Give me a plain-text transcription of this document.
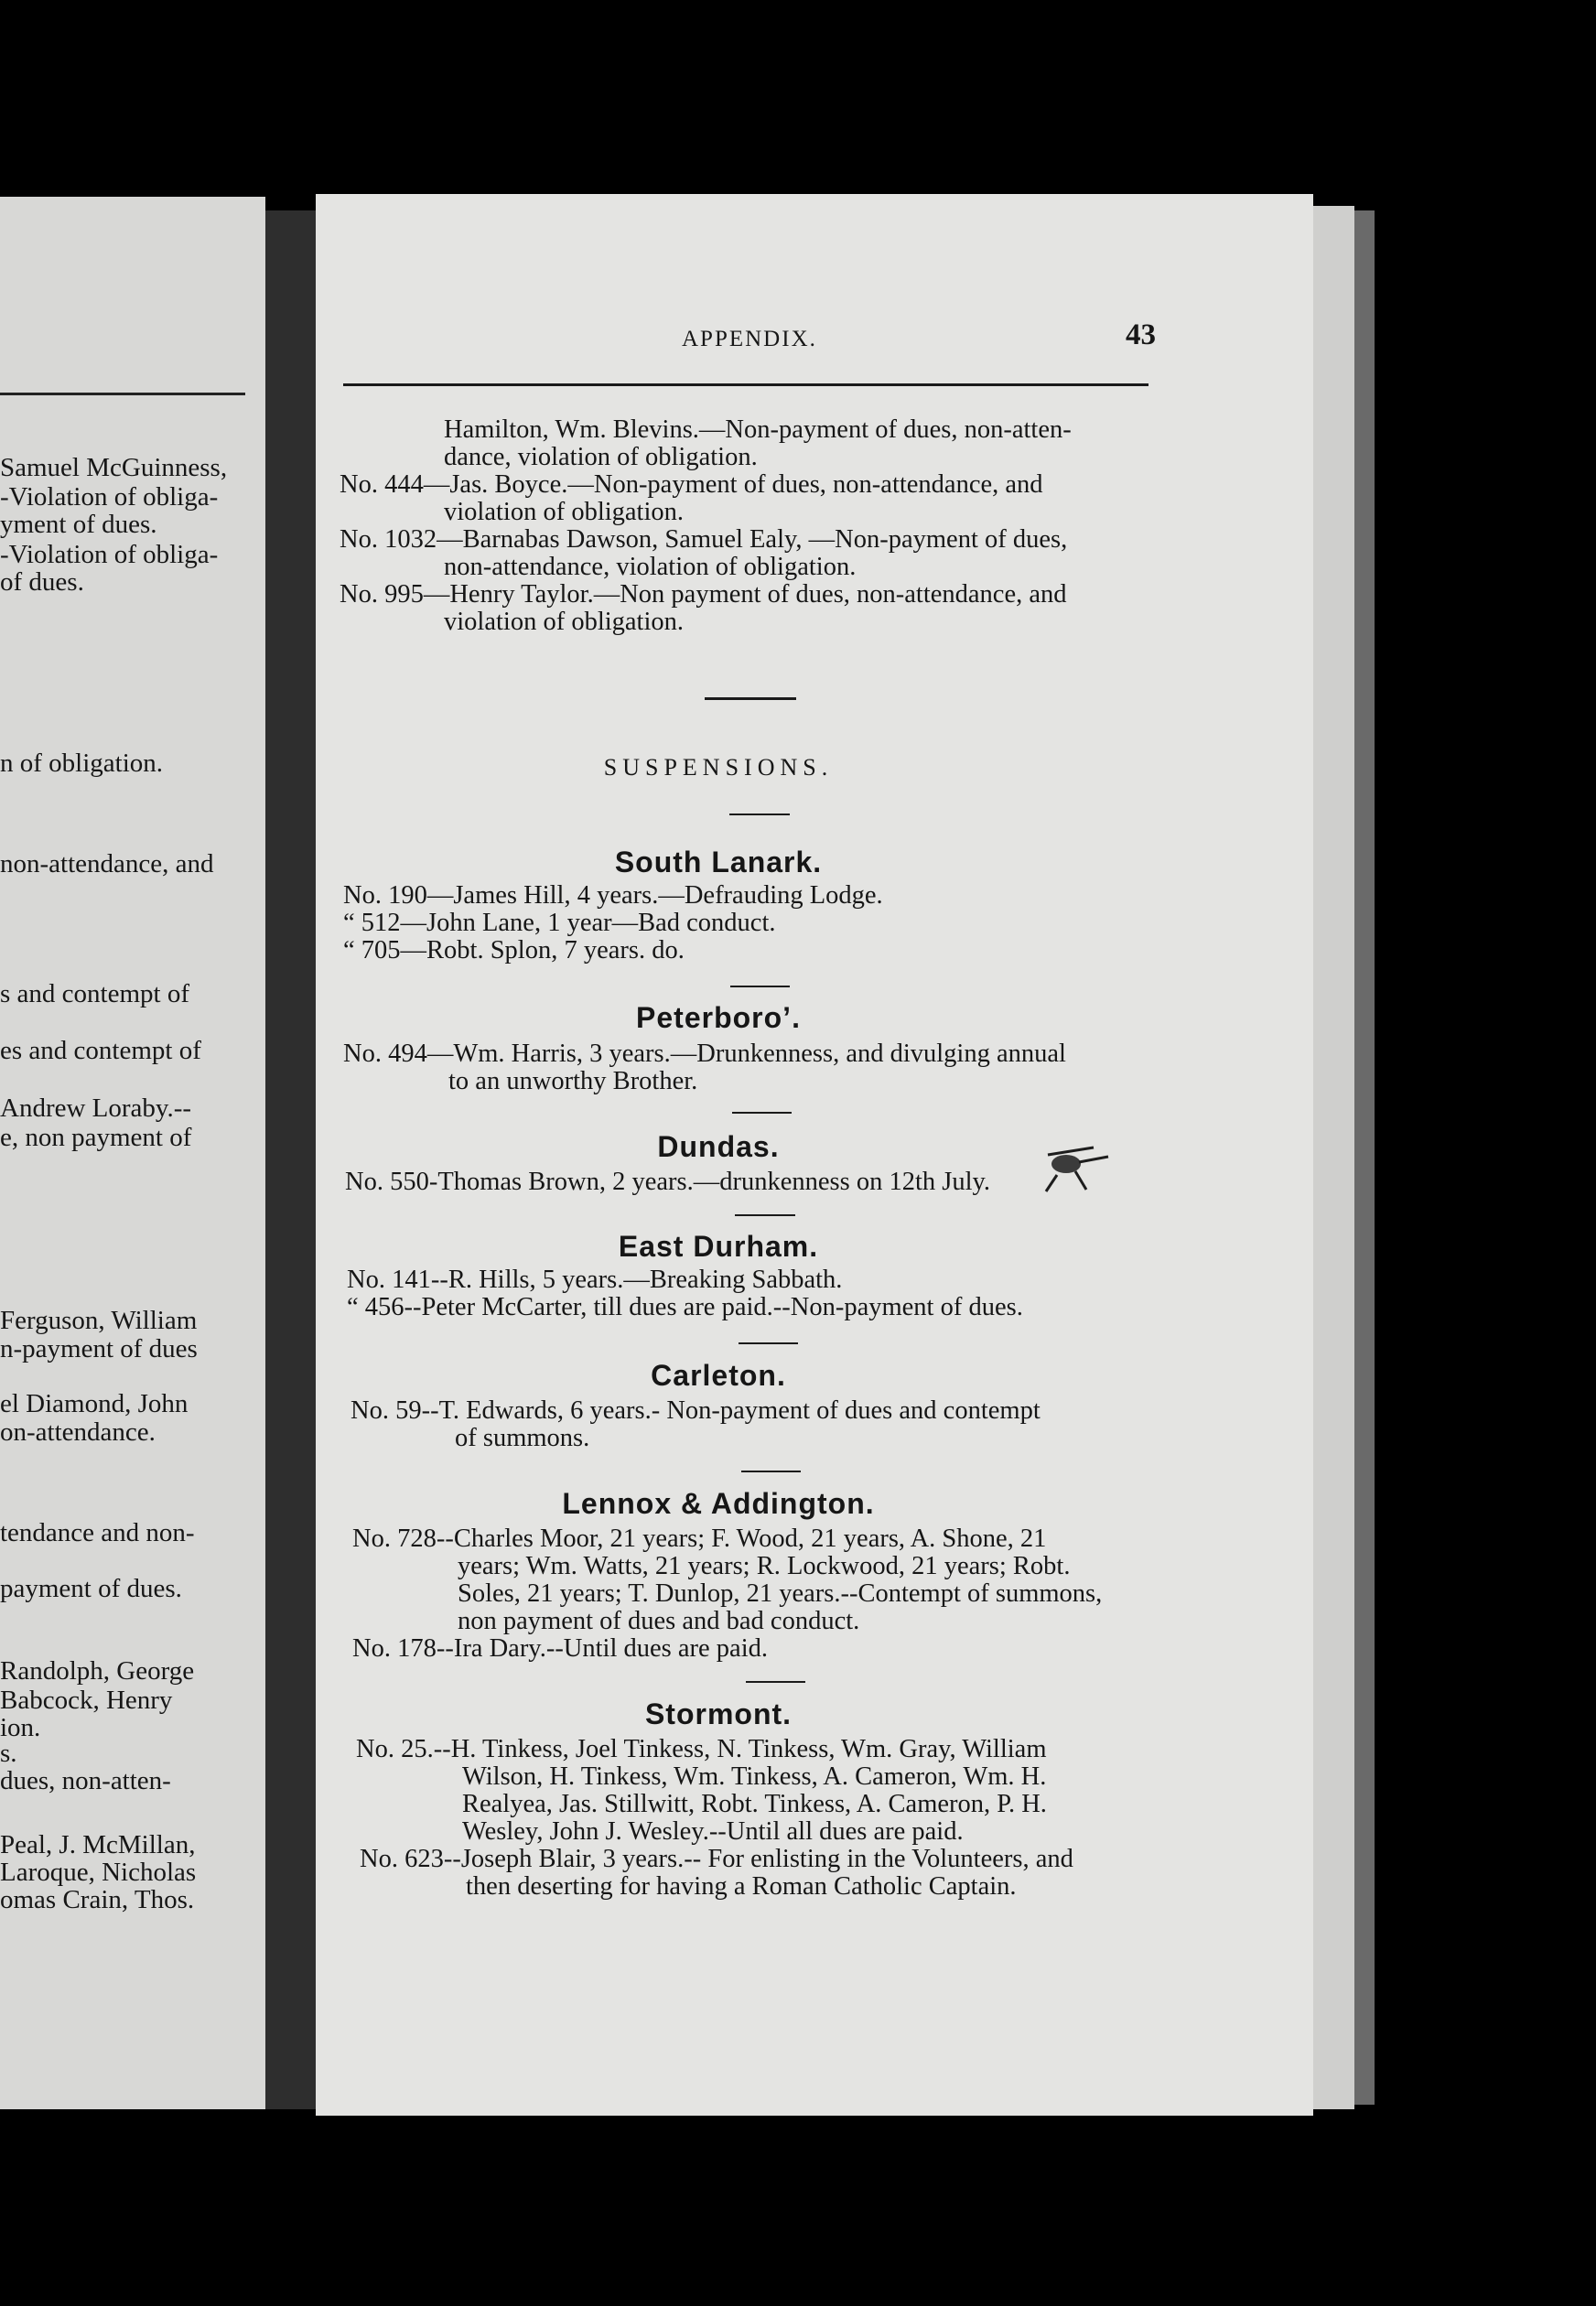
Samuel McGuinness,
-Violation of obliga-
yment of dues.
-Violation of obliga-
of dues.
n of obligation.
non-attendance, and
s and contempt of
es and contempt of
Andrew Loraby.--
e, non payment of
Ferguson, William
n-payment of dues
el Diamond, John
on-attendance.
tendance and non-
payment of dues.
Randolph, George
Babcock, Henry
ion.
s.
dues, non-atten-
Peal, J. McMillan,
Laroque, Nicholas
omas Crain, Thos.
APPENDIX.	43
Hamilton, Wm. Blevins.—Non-payment of dues, non-atten-
dance, violation of obligation.
No. 444—Jas. Boyce.—Non-payment of dues, non-attendance, and
violation of obligation.
No. 1032—Barnabas Dawson, Samuel Ealy, —Non-payment of dues,
non-attendance, violation of obligation.
No. 995—Henry Taylor.—Non payment of dues, non-attendance, and
violation of obligation.
SUSPENSIONS.
South Lanark.
No. 190—James Hill, 4 years.—Defrauding Lodge.
“ 512—John Lane, 1 year—Bad conduct.
“ 705—Robt. Splon, 7 years. do.
Peterboro’.
No. 494—Wm. Harris, 3 years.—Drunkenness, and divulging annual
to an unworthy Brother.
Dundas.
No. 550-Thomas Brown, 2 years.—drunkenness on 12th July.
East Durham.
No. 141--R. Hills, 5 years.—Breaking Sabbath.
“ 456--Peter McCarter, till dues are paid.--Non-payment of dues.
Carleton.
No. 59--T. Edwards, 6 years.- Non-payment of dues and contempt
of summons.
Lennox & Addington.
No. 728--Charles Moor, 21 years; F. Wood, 21 years, A. Shone, 21
years; Wm. Watts, 21 years; R. Lockwood, 21 years; Robt.
Soles, 21 years; T. Dunlop, 21 years.--Contempt of summons,
non payment of dues and bad conduct.
No. 178--Ira Dary.--Until dues are paid.
Stormont.
No. 25.--H. Tinkess, Joel Tinkess, N. Tinkess, Wm. Gray, William
Wilson, H. Tinkess, Wm. Tinkess, A. Cameron, Wm. H.
Realyea, Jas. Stillwitt, Robt. Tinkess, A. Cameron, P. H.
Wesley, John J. Wesley.--Until all dues are paid.
No. 623--Joseph Blair, 3 years.-- For enlisting in the Volunteers, and
then deserting for having a Roman Catholic Captain.
